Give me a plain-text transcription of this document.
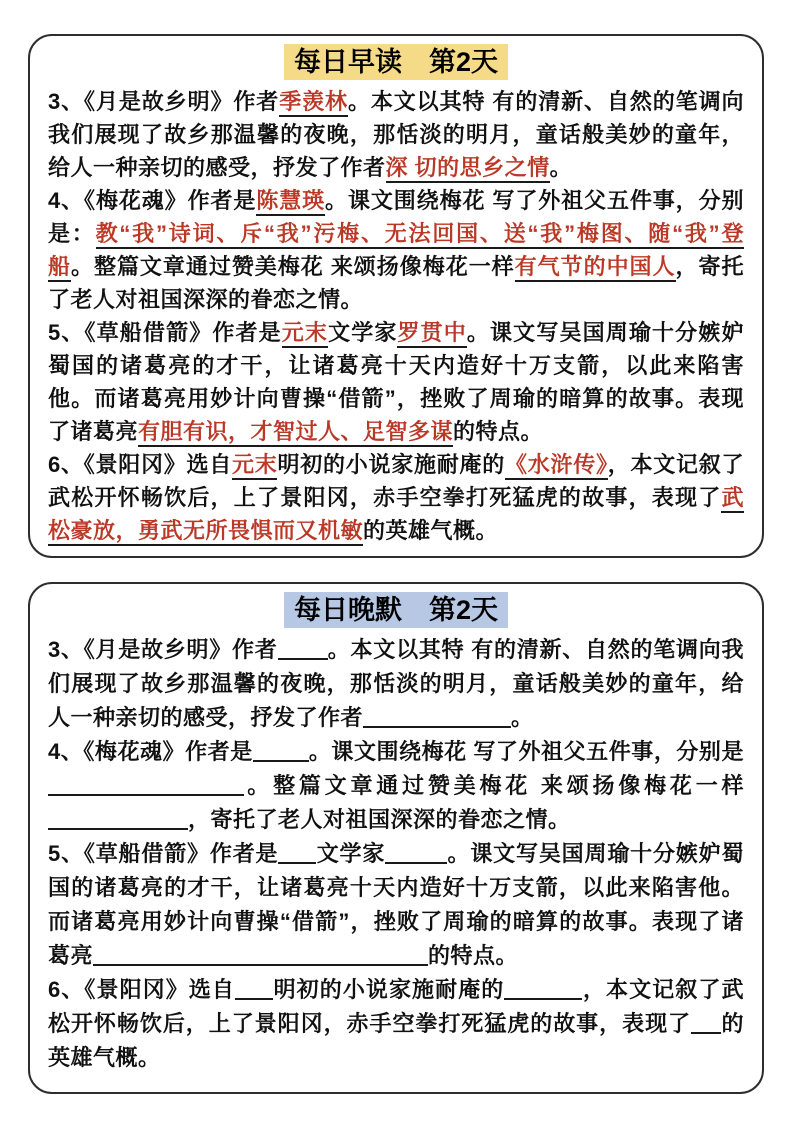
每日早读　第2天

3、《月是故乡明》作者季羡林。本文以其特 有的清新、自然的笔调向我们展现了故乡那温馨的夜晚，那恬淡的明月，童话般美妙的童年，给人一种亲切的感受，抒发了作者深 切的思乡之情。

4、《梅花魂》作者是陈慧瑛。课文围绕梅花 写了外祖父五件事，分别是：教“我”诗词、斥“我”污梅、无法回国、送“我”梅图、随“我”登船。整篇文章通过赞美梅花 来颂扬像梅花一样有气节的中国人，寄托了老人对祖国深深的眷恋之情。

5、《草船借箭》作者是元末文学家罗贯中。课文写吴国周瑜十分嫉妒蜀国的诸葛亮的才干，让诸葛亮十天内造好十万支箭，以此来陷害他。而诸葛亮用妙计向曹操“借箭”，挫败了周瑜的暗算的故事。表现了诸葛亮有胆有识，才智过人、足智多谋的特点。

6、《景阳冈》选自元末明初的小说家施耐庵的《水浒传》，本文记叙了武松开怀畅饮后，上了景阳冈，赤手空拳打死猛虎的故事，表现了武松豪放，勇武无所畏惧而又机敏的英雄气概。

每日晚默　第2天

3、《月是故乡明》作者 。本文以其特 有的清新、自然的笔调向我们展现了故乡那温馨的夜晚，那恬淡的明月，童话般美妙的童年，给人一种亲切的感受，抒发了作者	。

4、《梅花魂》作者是	。课文围绕梅花 写了外祖父五件事，分别是。整篇文章通过赞美梅花 来颂扬像梅花一样，寄托了老人对祖国深深的眷恋之情。

5、《草船借箭》作者是 文学家	。课文写吴国周瑜十分嫉妒蜀国的诸葛亮的才干，让诸葛亮十天内造好十万支箭，以此来陷害他。而诸葛亮用妙计向曹操“借箭”，挫败了周瑜的暗算的故事。表现了诸葛亮	的特点。

6、《景阳冈》选自 明初的小说家施耐庵的	，本文记叙了武松开怀畅饮后，上了景阳冈，赤手空拳打死猛虎的故事，表现了 的英雄气概。
